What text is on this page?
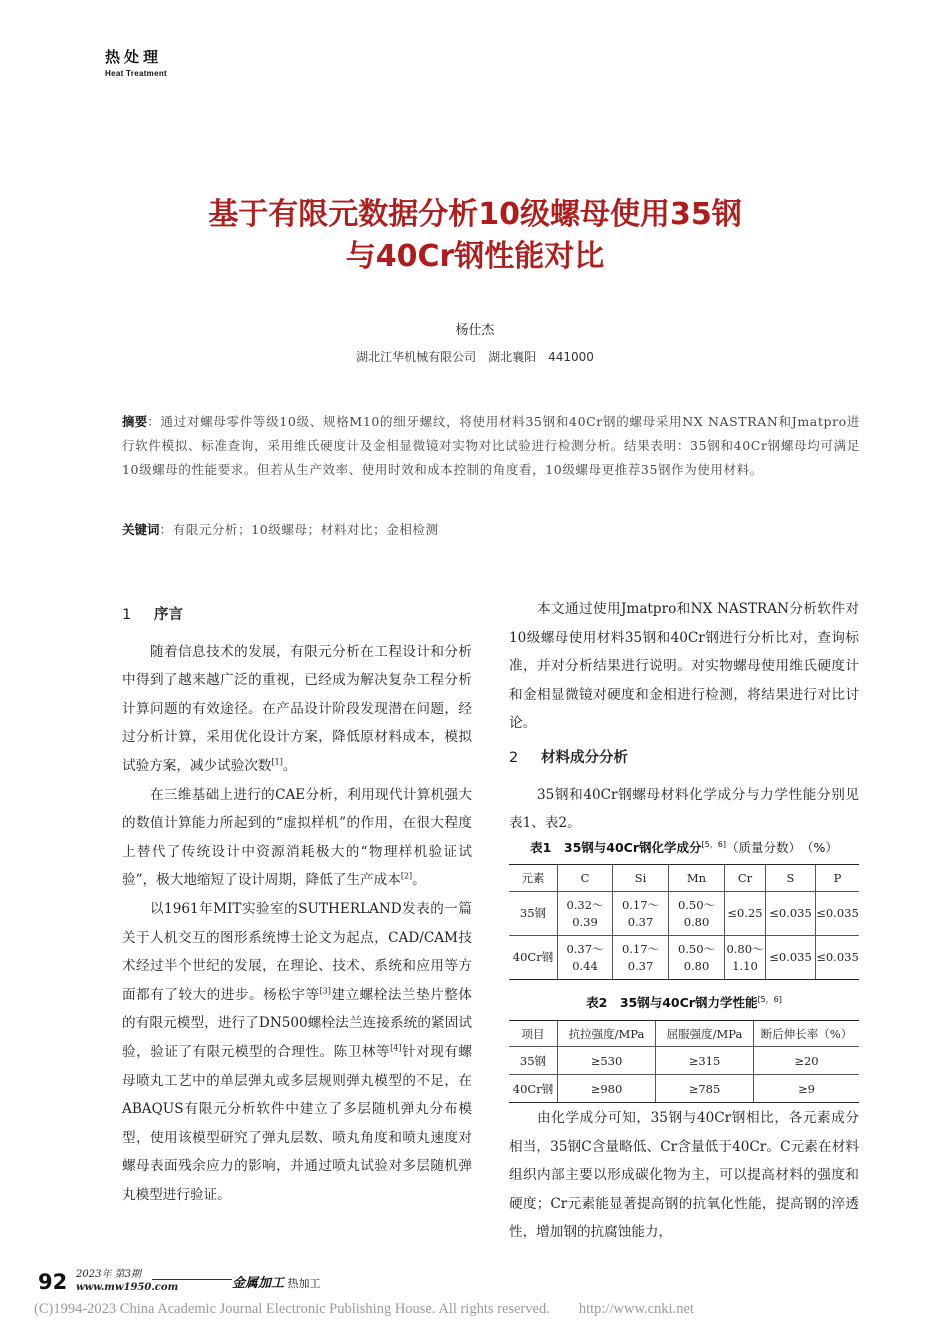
热处理
Heat Treatment
基于有限元数据分析10级螺母使用35钢
与40Cr钢性能对比
杨仕杰
湖北江华机械有限公司　湖北襄阳　441000
摘要：通过对螺母零件等级10级、规格M10的细牙螺纹，将使用材料35钢和40Cr钢的螺母采用NX NASTRAN和Jmatpro进行软件模拟、标准查询，采用维氏硬度计及金相显微镜对实物对比试验进行检测分析。结果表明：35钢和40Cr钢螺母均可满足10级螺母的性能要求。但若从生产效率、使用时效和成本控制的角度看，10级螺母更推荐35钢作为使用材料。
关键词：有限元分析；10级螺母；材料对比；金相检测
1 序言

随着信息技术的发展，有限元分析在工程设计和分析中得到了越来越广泛的重视，已经成为解决复杂工程分析计算问题的有效途径。在产品设计阶段发现潜在问题，经过分析计算，采用优化设计方案，降低原材料成本，模拟试验方案，减少试验次数[1]。

在三维基础上进行的CAE分析，利用现代计算机强大的数值计算能力所起到的“虚拟样机”的作用，在很大程度上替代了传统设计中资源消耗极大的“物理样机验证试验”，极大地缩短了设计周期，降低了生产成本[2]。

以1961年MIT实验室的SUTHERLAND发表的一篇关于人机交互的图形系统博士论文为起点，CAD/CAM技术经过半个世纪的发展，在理论、技术、系统和应用等方面都有了较大的进步。杨松宇等[3]建立螺栓法兰垫片整体的有限元模型，进行了DN500螺栓法兰连接系统的紧固试验，验证了有限元模型的合理性。陈卫林等[4]针对现有螺母喷丸工艺中的单层弹丸或多层规则弹丸模型的不足，在ABAQUS有限元分析软件中建立了多层随机弹丸分布模型，使用该模型研究了弹丸层数、喷丸角度和喷丸速度对螺母表面残余应力的影响，并通过喷丸试验对多层随机弹丸模型进行验证。

本文通过使用Jmatpro和NX NASTRAN分析软件对10级螺母使用材料35钢和40Cr钢进行分析比对，查询标准，并对分析结果进行说明。对实物螺母使用维氏硬度计和金相显微镜对硬度和金相进行检测，将结果进行对比讨论。

2 材料成分分析

35钢和40Cr钢螺母材料化学成分与力学性能分别见表1、表2。

表1　 35钢与40Cr钢化学成分[5，6]（质量分数）　（%）
元素	C	Si	Mn	Cr	S	P
35钢	0.32～
0.39	0.17～
0.37	0.50～
0.80	≤0.25	≤0.035	≤0.035
40Cr钢	0.37～
0.44	0.17～
0.37	0.50～
0.80	0.80～
1.10	≤0.035	≤0.035
表2　 35钢与40Cr钢力学性能[5，6]
项目	抗拉强度/MPa	屈服强度/MPa	断后伸长率（%）
35钢	≥530	≥315	≥20
40Cr钢	≥980	≥785	≥9

由化学成分可知，35钢与40Cr钢相比，各元素成分相当，35钢C含量略低、Cr含量低于40Cr。C元素在材料组织内部主要以形成碳化物为主，可以提高材料的强度和硬度；Cr元素能显著提高钢的抗氧化性能，提高钢的淬透性，增加钢的抗腐蚀能力，

92 2023年 第3期
www.mw1950.com	金属加工 热加工
(C)1994-2023 China Academic Journal Electronic Publishing House. All rights reserved.　　http://www.cnki.net
